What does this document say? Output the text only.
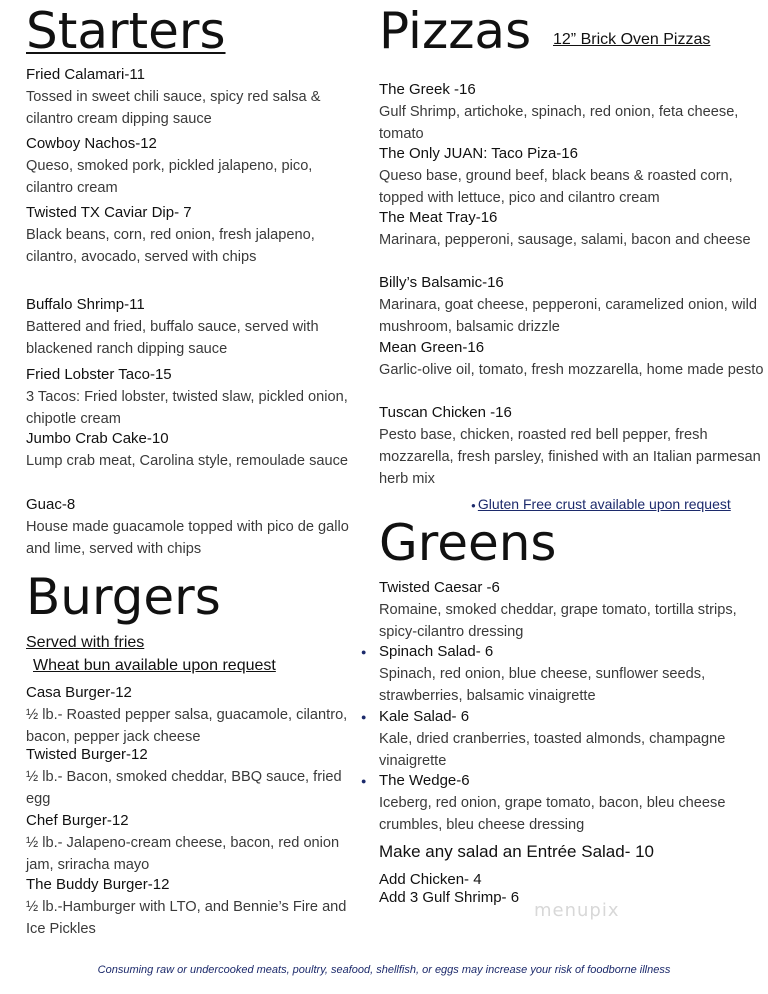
Starters
Fried Calamari-11
Tossed in sweet chili sauce, spicy red salsa & cilantro cream dipping sauce
Cowboy Nachos-12
Queso, smoked pork, pickled jalapeno, pico, cilantro cream
Twisted TX Caviar Dip- 7
Black beans, corn, red onion, fresh jalapeno, cilantro, avocado, served with chips
Buffalo Shrimp-11
Battered and fried, buffalo sauce, served with blackened ranch dipping sauce
Fried Lobster Taco-15
3 Tacos: Fried lobster, twisted slaw, pickled onion, chipotle cream
Jumbo Crab Cake-10
Lump crab meat, Carolina style, remoulade sauce
Guac-8
House made guacamole topped with pico de gallo and lime, served with chips
Burgers
Served with fries
Wheat bun available upon request
Casa Burger-12
½ lb.- Roasted pepper salsa, guacamole, cilantro, bacon, pepper jack cheese
Twisted Burger-12
½ lb.- Bacon, smoked cheddar, BBQ sauce, fried egg
Chef Burger-12
½ lb.- Jalapeno-cream cheese, bacon, red onion jam, sriracha mayo
The Buddy Burger-12
½ lb.-Hamburger with LTO, and Bennie’s Fire and Ice Pickles
Pizzas 12” Brick Oven Pizzas
The Greek -16
Gulf Shrimp, artichoke, spinach, red onion, feta cheese, tomato
The Only JUAN: Taco Piza-16
Queso base, ground beef, black beans & roasted corn, topped with lettuce, pico and cilantro cream
The Meat Tray-16
Marinara, pepperoni, sausage, salami, bacon and cheese
Billy’s Balsamic-16
Marinara, goat cheese, pepperoni, caramelized onion, wild mushroom, balsamic drizzle
Mean Green-16
Garlic-olive oil, tomato, fresh mozzarella, home made pesto
Tuscan Chicken -16
Pesto base, chicken, roasted red bell pepper, fresh mozzarella, fresh parsley, finished with an Italian parmesan herb mix
● Gluten Free crust available upon request
Greens
Twisted Caesar -6
Romaine, smoked cheddar, grape tomato, tortilla strips, spicy-cilantro dressing
● Spinach Salad- 6
Spinach, red onion, blue cheese, sunflower seeds, strawberries, balsamic vinaigrette
● Kale Salad- 6
Kale, dried cranberries, toasted almonds, champagne vinaigrette
● The Wedge-6
Iceberg, red onion, grape tomato, bacon, bleu cheese crumbles, bleu cheese dressing
Make any salad an Entrée Salad- 10
Add Chicken- 4
Add 3 Gulf Shrimp- 6
menupix
Consuming raw or undercooked meats, poultry, seafood, shellfish, or eggs may increase your risk of foodborne illness
